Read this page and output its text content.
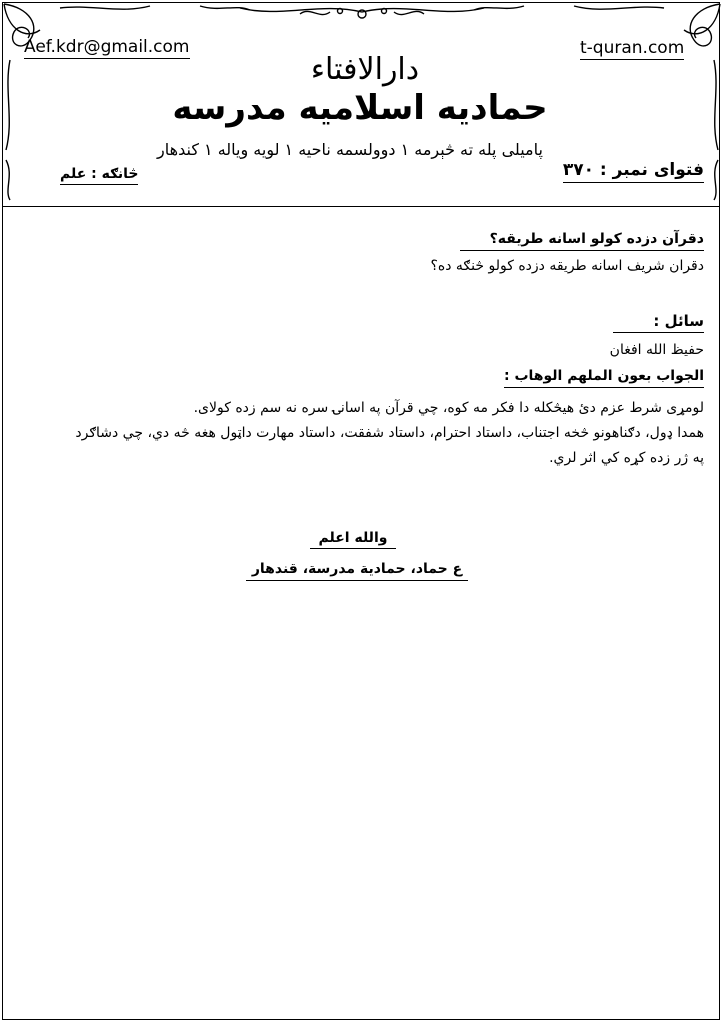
Aef.kdr@gmail.com	t-quran.com
دارالافتاء
حمادیه اسلامیه مدرسه
پامیلی پله ته څېرمه ۱ دوولسمه ناحیه ۱ لویه ویاله ۱ کندهار
فتوای نمبر : ۳۷۰
څانګه : علم
دقرآن دزده کولو اسانه طریقه؟
دقران شریف اسانه طریقه دزده کولو څنګه ده؟
سائل :
حفیظ الله افغان
الجواب بعون الملهم الوهاب :
لومړی شرط عزم دئ هیڅکله دا فکر مه کوه، چي قرآن په اسانۍ سره نه سم زده کولای.
همدا ډول، دګناهونو څخه اجتناب، داستاد احترام، داستاد شفقت، داستاد مهارت داټول هغه څه دي، چي دشاګرد
په ژر زده کړه کي اثر لري.
والله اعلم
ع حماد، حمادیة مدرسة، قندهار
